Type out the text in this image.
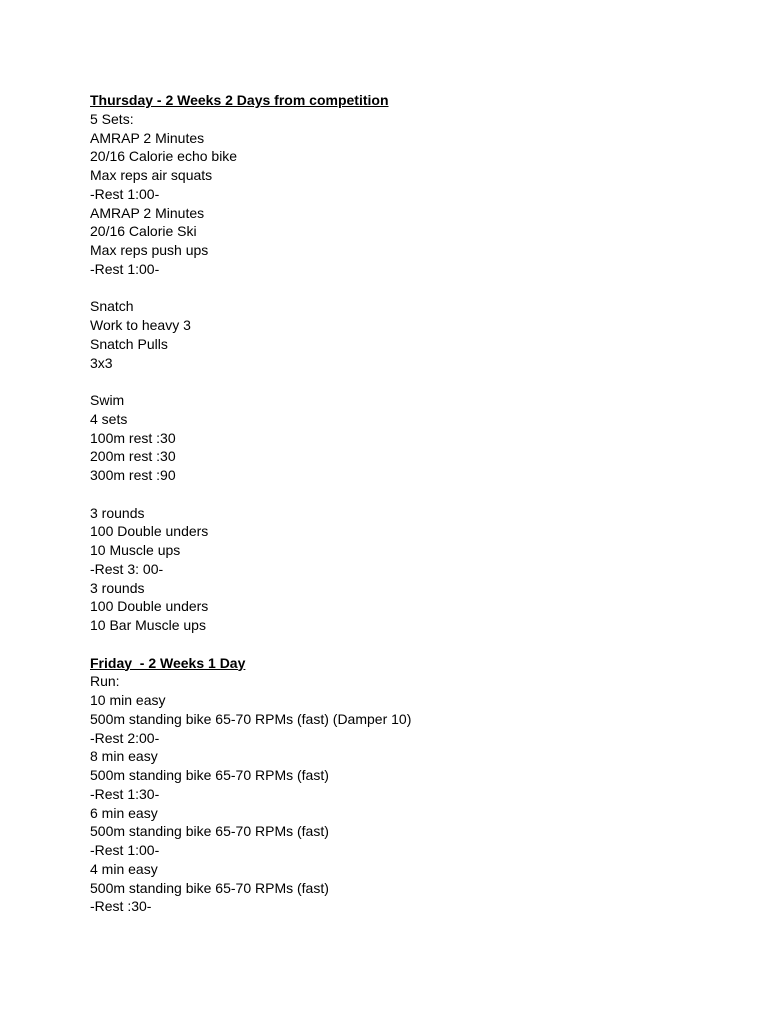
Thursday - 2 Weeks 2 Days from competition
5 Sets:
AMRAP 2 Minutes
20/16 Calorie echo bike
Max reps air squats
-Rest 1:00-
AMRAP 2 Minutes
20/16 Calorie Ski
Max reps push ups
-Rest 1:00-
Snatch
Work to heavy 3
Snatch Pulls
3x3
Swim
4 sets
100m rest :30
200m rest :30
300m rest :90
3 rounds
100 Double unders
10 Muscle ups
-Rest 3: 00-
3 rounds
100 Double unders
10 Bar Muscle ups
Friday  - 2 Weeks 1 Day
Run:
10 min easy
500m standing bike 65-70 RPMs (fast) (Damper 10)
-Rest 2:00-
8 min easy
500m standing bike 65-70 RPMs (fast)
-Rest 1:30-
6 min easy
500m standing bike 65-70 RPMs (fast)
-Rest 1:00-
4 min easy
500m standing bike 65-70 RPMs (fast)
-Rest :30-
